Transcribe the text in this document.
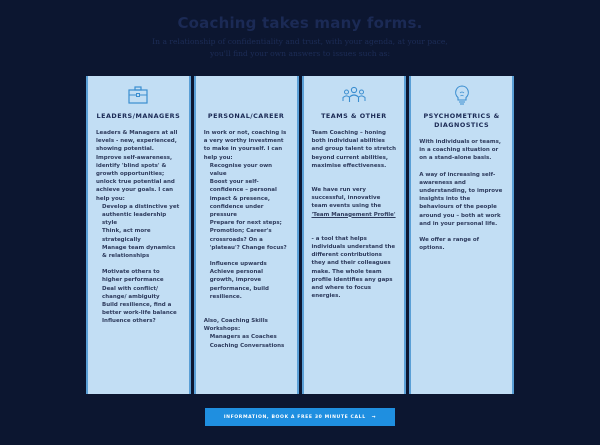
Coaching takes many forms.
In a relationship of confidentiality and trust, with your agenda, at your pace, you'll find your own answers to issues such as:
LEADERS/MANAGERS
Leaders & Managers at all levels - new, experienced, showing potential.
Improve self-awareness, identify 'blind spots' & growth opportunities; unlock true potential and achieve your goals. I can help you:
Develop a distinctive yet authentic leadership style
Think, act more strategically
Manage team dynamics & relationships
Motivate others to higher performance
Deal with conflict/ change/ ambiguity
Build resilience, find a better work-life balance
Influence others?
PERSONAL/CAREER
In work or not, coaching is a very worthy investment to make in yourself. I can help you:
Recognise your own value
Boost your self-confidence – personal impact & presence, confidence under pressure
Prepare for next steps; Promotion; Career's crossroads? On a 'plateau'? Change focus?
Influence upwards
Achieve personal growth, improve performance, build resilience.
Also, Coaching Skills Workshops:
Managers as Coaches
Coaching Conversations
TEAMS & OTHER
Team Coaching – honing both individual abilities and group talent to stretch beyond current abilities, maximise effectiveness.
We have run very successful, innovative team events using the
'Team Management Profile'
- a tool that helps individuals understand the different contributions they and their colleagues make. The whole team profile identifies any gaps and where to focus energies.
PSYCHOMETRICS & DIAGNOSTICS
With individuals or teams, in a coaching situation or on a stand-alone basis.
A way of increasing self-awareness and understanding, to improve insights into the behaviours of the people around you – both at work and in your personal life.
We offer a range of options.
INFORMATION, BOOK A FREE 30 MINUTE CALL →
